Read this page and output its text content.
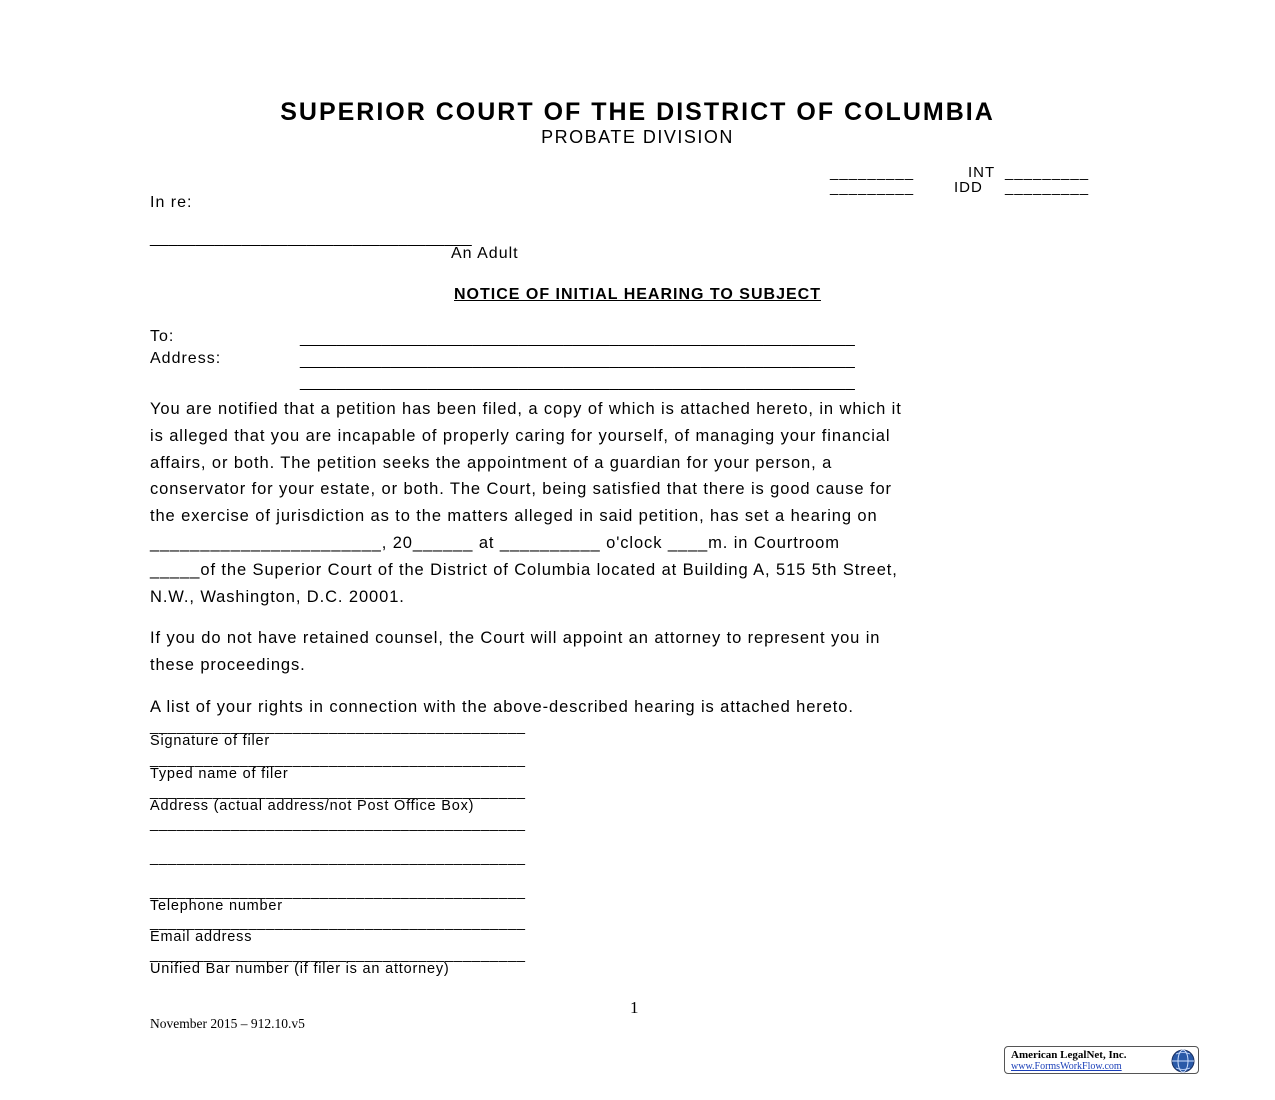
SUPERIOR COURT OF THE DISTRICT OF COLUMBIA
PROBATE DIVISION
_________	INT _________
_________	IDD _________
In re:
___________________________________
An Adult
NOTICE OF INITIAL HEARING TO SUBJECT
To:
Address:
_____________________________________________________________
_____________________________________________________________
_____________________________________________________________
You are notified that a petition has been filed, a copy of which is attached hereto, in which it
is alleged that you are incapable of properly caring for yourself, of managing your financial
affairs, or both. The petition seeks the appointment of a guardian for your person, a
conservator for your estate, or both. The Court, being satisfied that there is good cause for
the exercise of jurisdiction as to the matters alleged in said petition, has set a hearing on
_______________________, 20______ at __________ o'clock ____m. in Courtroom
_____of the Superior Court of the District of Columbia located at Building A, 515 5th Street,
N.W., Washington, D.C. 20001.
If you do not have retained counsel, the Court will appoint an attorney to represent you in
these proceedings.
A list of your rights in connection with the above-described hearing is attached hereto.
__________________________________________
Signature of filer
__________________________________________
Typed name of filer
__________________________________________
Address (actual address/not Post Office Box)
__________________________________________
__________________________________________
__________________________________________
Telephone number
__________________________________________
Email address
__________________________________________
Unified Bar number (if filer is an attorney)
1
November 2015 – 912.10.v5
American LegalNet, Inc.
www.FormsWorkFlow.com
